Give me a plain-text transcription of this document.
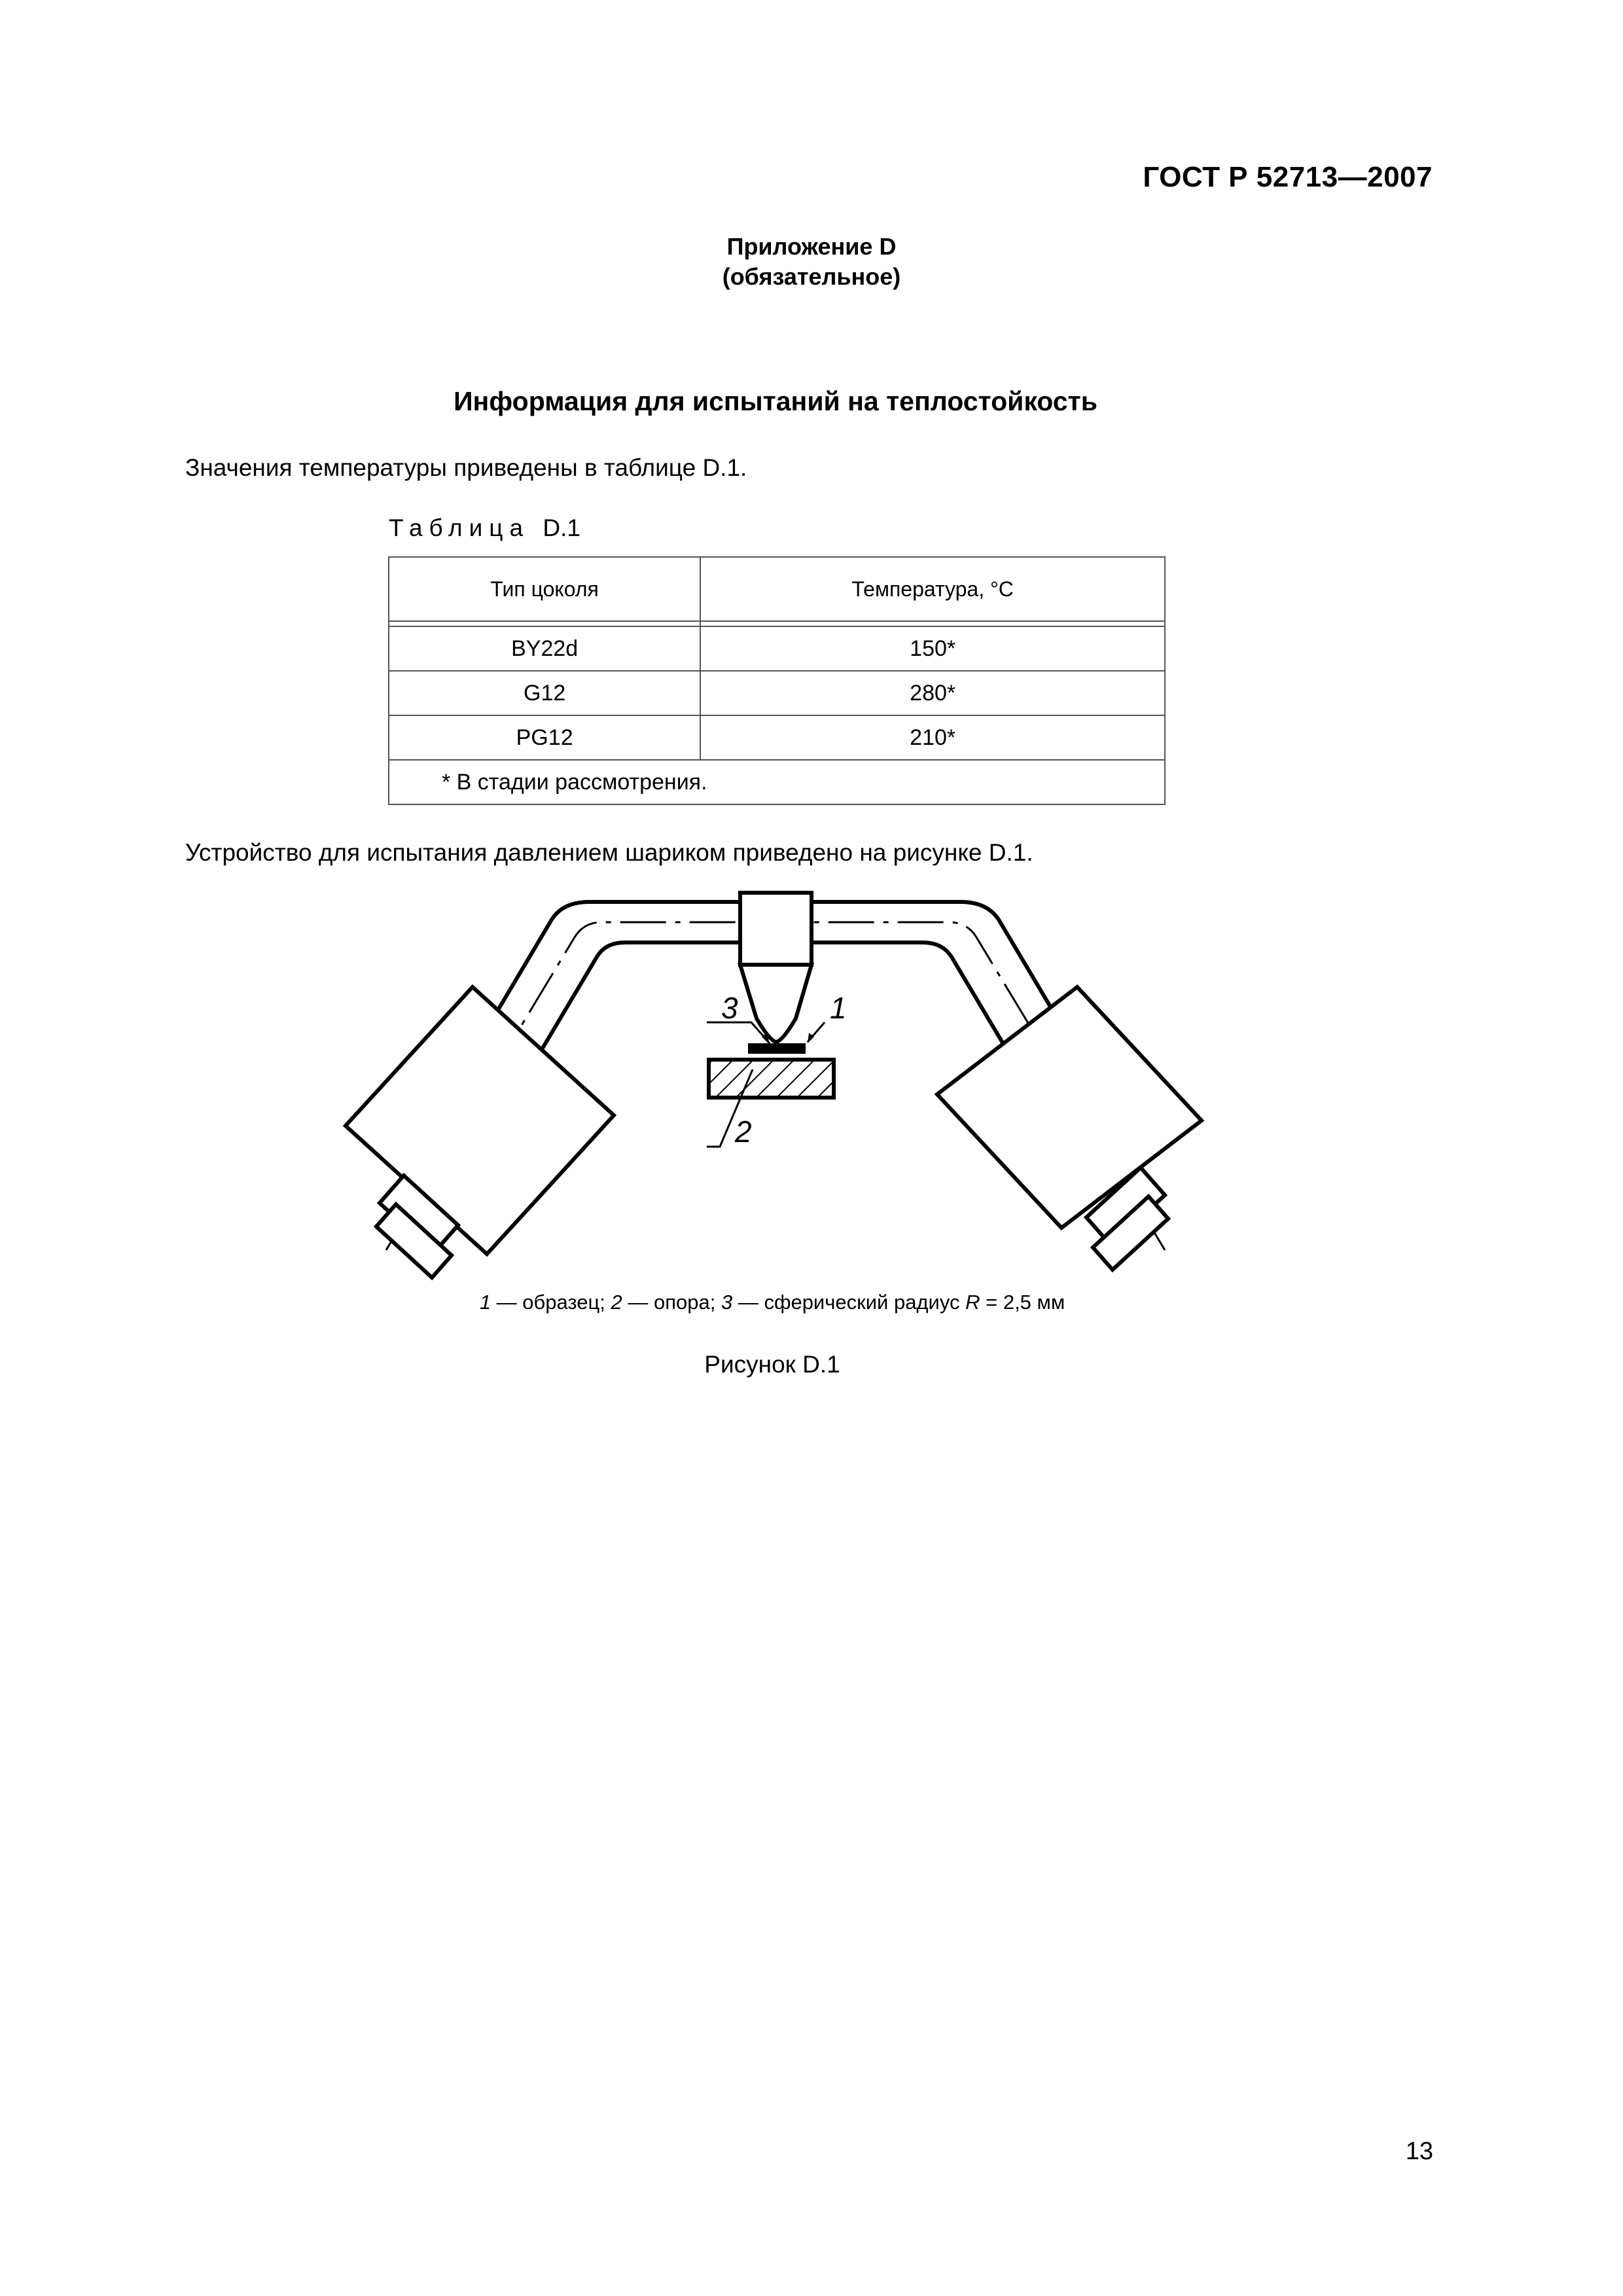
ГОСТ Р 52713—2007
Приложение D
(обязательное)
Информация для испытаний на теплостойкость
Значения температуры приведены в таблице D.1.
Таблица D.1
Тип цоколя	Температура, °C

BY22d	150*
G12	280*
PG12	210*
* В стадии рассмотрения.	
Устройство для испытания давлением шариком приведено на рисунке D.1.
3	1
2
1 — образец; 2 — опора; 3 — сферический радиус R = 2,5 мм
Рисунок D.1
13
